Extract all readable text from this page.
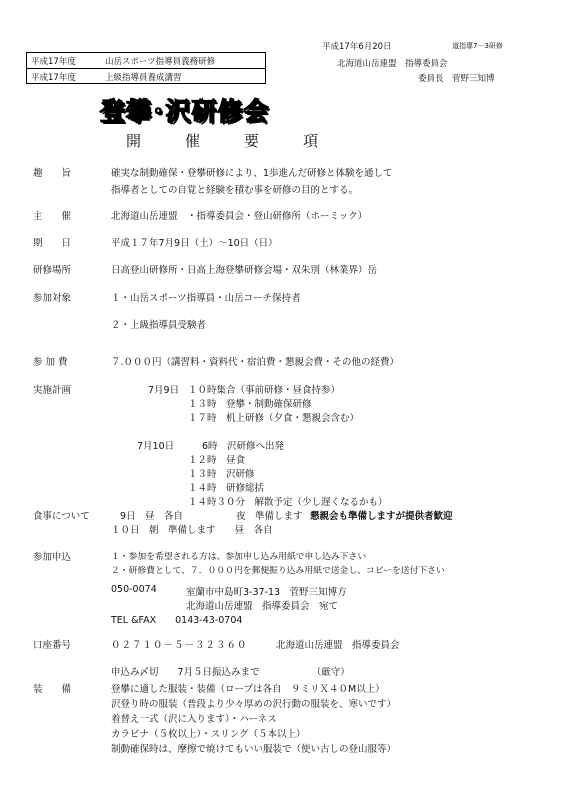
平成17年6月20日	道指導7－3研修
北海道山岳連盟　指導委員会
委員長　菅野三知博
平成17年度	山岳スポーツ指導員義務研修
平成17年度	上級指導員養成講習
登攀･沢研修会
開催要項
趣　　旨	確実な制動確保・登攀研修により、1歩進んだ研修と体験を通して
指導者としての自覚と経験を積む事を研修の目的とする。
主　　催	北海道山岳連盟　・指導委員会・登山研修所（ホーミック）
期　　日	平成１７年7月9日（土）～10日（日）
研修場所	日高登山研修所・日高上海登攀研修会場・双朱別（林業界）岳
参加対象	１・山岳スポーツ指導員・山岳コーチ保持者
２・上級指導員受験者
参 加 費	７.０００円（講習料・資料代・宿泊費・懇親会費・その他の経費）
実施計画	7月9日 １０時集合（事前研修・昼食持参）
１３時　登攀・制動確保研修
１７時　机上研修（夕食・懇親会含む）
7月10日	6時　沢研修へ出発
１２時　昼食
１３時　沢研修
１４時　研修総括
１４時３０分　解散予定（少し遅くなるかも）
食事について	9日　昼　各自	夜　準備します 懇親会も準備しますが提供者歓迎
１０日　朝　準備します　　昼　各自
参加申込	１・参加を希望される方は、参加申し込み用紙で申し込み下さい
２・研修費として、７．０００円を郵便振り込み用紙で送金し、コピーを送付下さい
050-0074	室蘭市中島町3-37-13　菅野三知博方
北海道山岳連盟　指導委員会　宛て
TEL &FAX　　0143-43-0704
口座番号	０２７１０－５－３２３６０	北海道山岳連盟　指導委員会
申込み〆切　　7月５日振込みまで　　　　　　（厳守）
装　　備	登攀に適した服装・装備（ロープは各自　９ミリＸ４０M以上）
沢登り時の服装（普段より少々厚めの沢行動の服装を、寒いです）
着替え一式（沢に入ります）・ハーネス
カラビナ（５枚以上）・スリング（５本以上）
制動確保時は、摩擦で焼けてもいい服装で（使い古しの登山服等）
